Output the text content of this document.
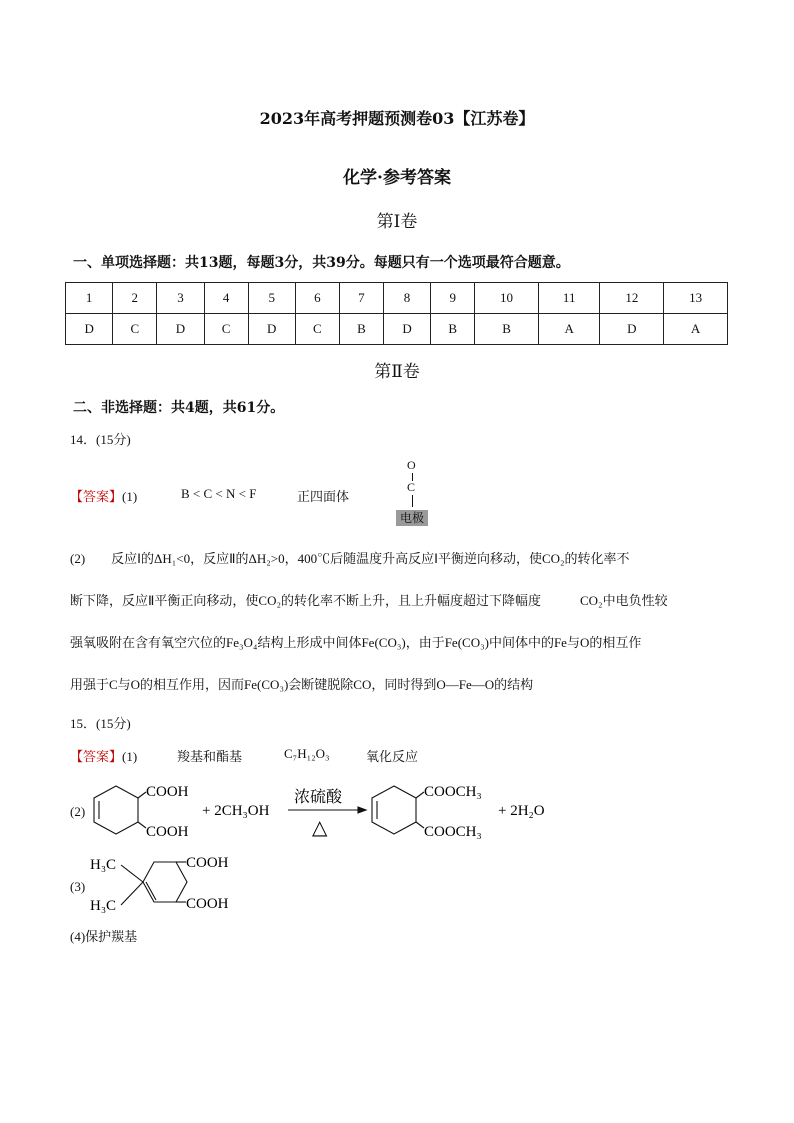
2023年高考押题预测卷03【江苏卷】
化学·参考答案
第Ⅰ卷
一、单项选择题：共13题，每题3分，共39分。每题只有一个选项最符合题意。
1	2	3	4	5	6	7	8	9	10	11	12	13
D	C	D	C	D	C	B	D	B	B	A	D	A
第Ⅱ卷
二、非选择题：共4题，共61分。
14．(15分)
【答案】(1)	B < C < N < F	正四面体
O
C
电极
(2)　　反应Ⅰ的ΔH₁<0，反应Ⅱ的ΔH₂>0，400℃后随温度升高反应Ⅰ平衡逆向移动，使CO₂的转化率不
断下降，反应Ⅱ平衡正向移动，使CO₂的转化率不断上升，且上升幅度超过下降幅度　　　CO₂中电负性较
强氧吸附在含有氧空穴位的Fe₃O₄结构上形成中间体Fe(CO₃)，由于Fe(CO₃)中间体中的Fe与O的相互作
用强于C与O的相互作用，因而Fe(CO₃)会断键脱除CO，同时得到O—Fe—O的结构
15．(15分)
【答案】(1)	羧基和酯基	C₇H₁₂O₃	氧化反应
(2)
COOH
COOH
+ 2CH₃OH
浓硫酸
△
COOCH₃
COOCH₃
+ 2H₂O
(3)
H₃C
H₃C
COOH
COOH
(4)保护羰基
